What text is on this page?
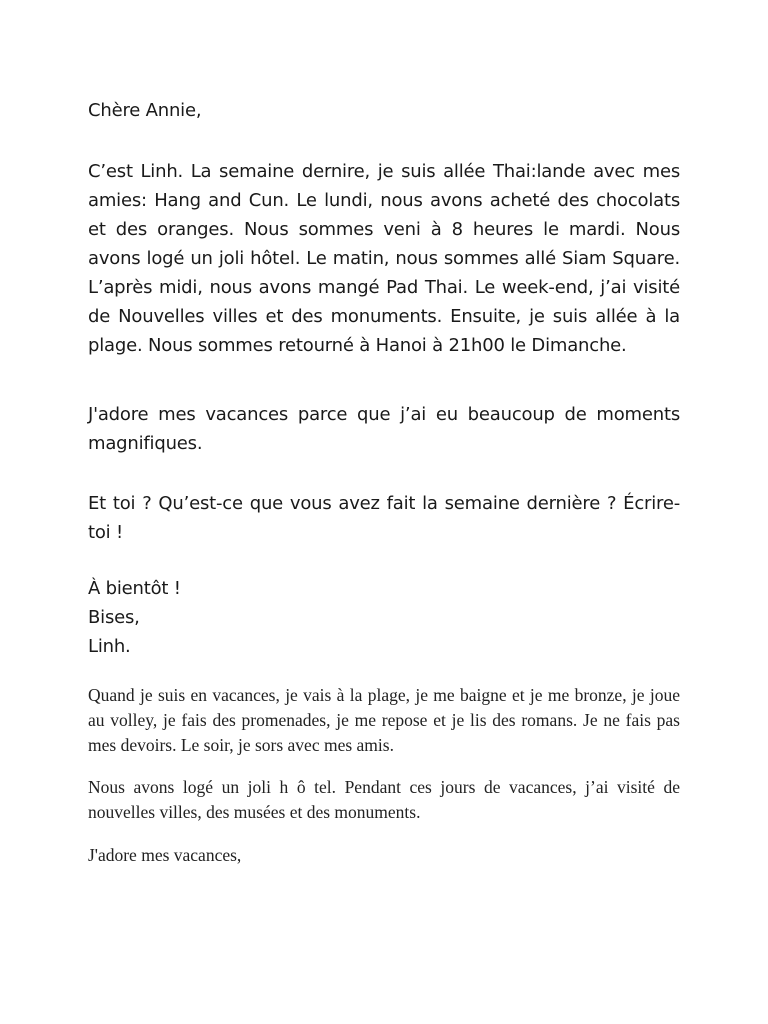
Chère Annie,

C’est Linh. La semaine dernire, je suis allée Thai:lande avec mes amies: Hang and Cun. Le lundi, nous avons acheté des chocolats et des oranges. Nous sommes veni à 8 heures le mardi. Nous avons logé un joli hôtel. Le matin, nous sommes allé Siam Square. L’après midi, nous avons mangé Pad Thai. Le week-end, j’ai visité de Nouvelles villes et des monuments. Ensuite, je suis allée à la plage. Nous sommes retourné à Hanoi à 21h00 le Dimanche.

J'adore mes vacances parce que j’ai eu beaucoup de moments magnifiques.

Et toi ? Qu’est-ce que vous avez fait la semaine dernière ? Écrire-toi !

À bientôt !
Bises,
Linh.

Quand je suis en vacances, je vais à la plage, je me baigne et je me bronze, je joue au volley, je fais des promenades, je me repose et je lis des romans. Je ne fais pas mes devoirs. Le soir, je sors avec mes amis.

Nous avons logé un joli h ô tel. Pendant ces jours de vacances, j’ai visité de nouvelles villes, des musées et des monuments.

J'adore mes vacances,
